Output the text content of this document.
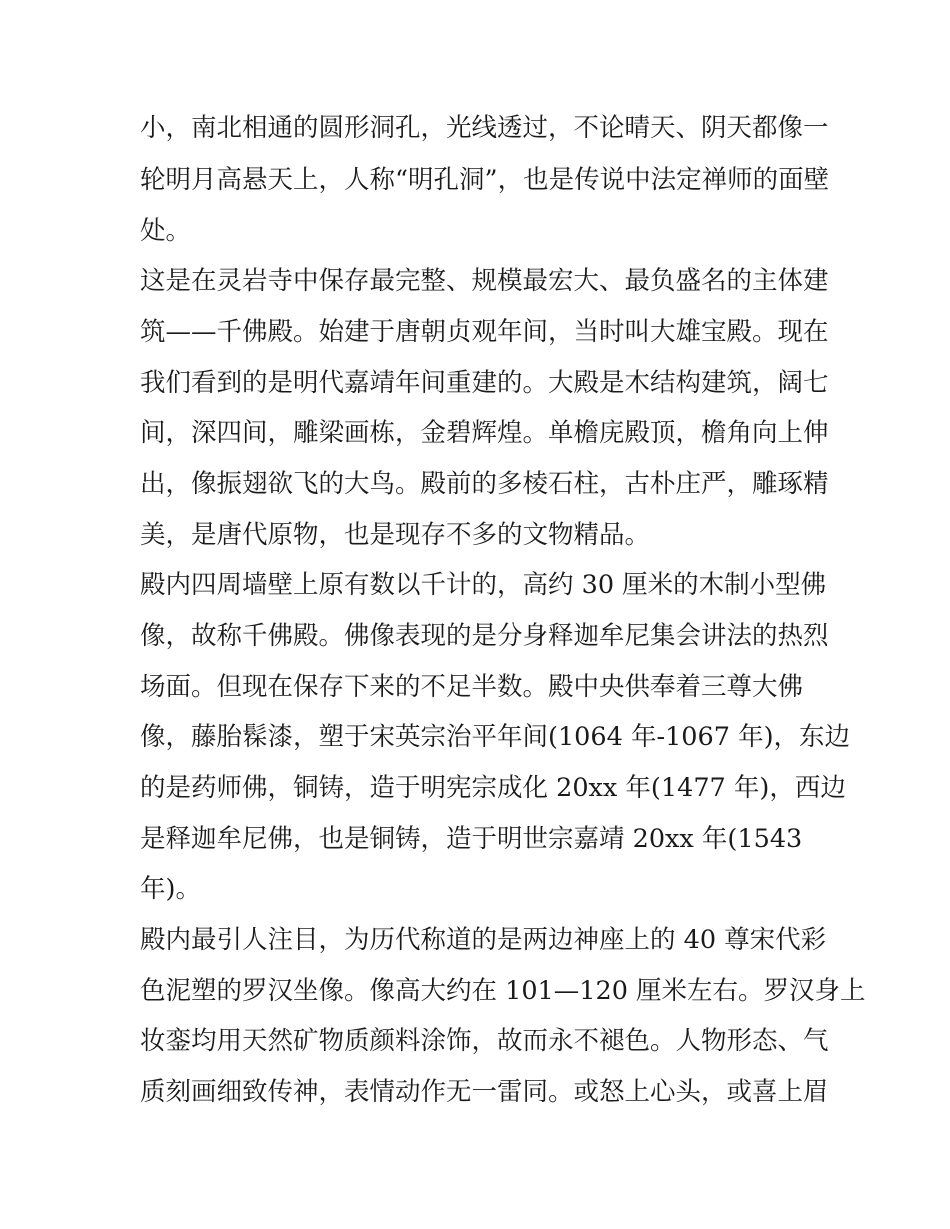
小，南北相通的圆形洞孔，光线透过，不论晴天、阴天都像一
轮明月高悬天上，人称“明孔洞”，也是传说中法定禅师的面壁
处。
这是在灵岩寺中保存最完整、规模最宏大、最负盛名的主体建
筑——千佛殿。始建于唐朝贞观年间，当时叫大雄宝殿。现在
我们看到的是明代嘉靖年间重建的。大殿是木结构建筑，阔七
间，深四间，雕梁画栋，金碧辉煌。单檐庑殿顶，檐角向上伸
出，像振翅欲飞的大鸟。殿前的多棱石柱，古朴庄严，雕琢精
美，是唐代原物，也是现存不多的文物精品。
殿内四周墙壁上原有数以千计的，高约 30 厘米的木制小型佛
像，故称千佛殿。佛像表现的是分身释迦牟尼集会讲法的热烈
场面。但现在保存下来的不足半数。殿中央供奉着三尊大佛
像，藤胎髹漆，塑于宋英宗治平年间(1064 年-1067 年)，东边
的是药师佛，铜铸，造于明宪宗成化 20xx 年(1477 年)，西边
是释迦牟尼佛，也是铜铸，造于明世宗嘉靖 20xx 年(1543
年)。
殿内最引人注目，为历代称道的是两边神座上的 40 尊宋代彩
色泥塑的罗汉坐像。像高大约在 101—120 厘米左右。罗汉身上
妆銮均用天然矿物质颜料涂饰，故而永不褪色。人物形态、气
质刻画细致传神，表情动作无一雷同。或怒上心头，或喜上眉
